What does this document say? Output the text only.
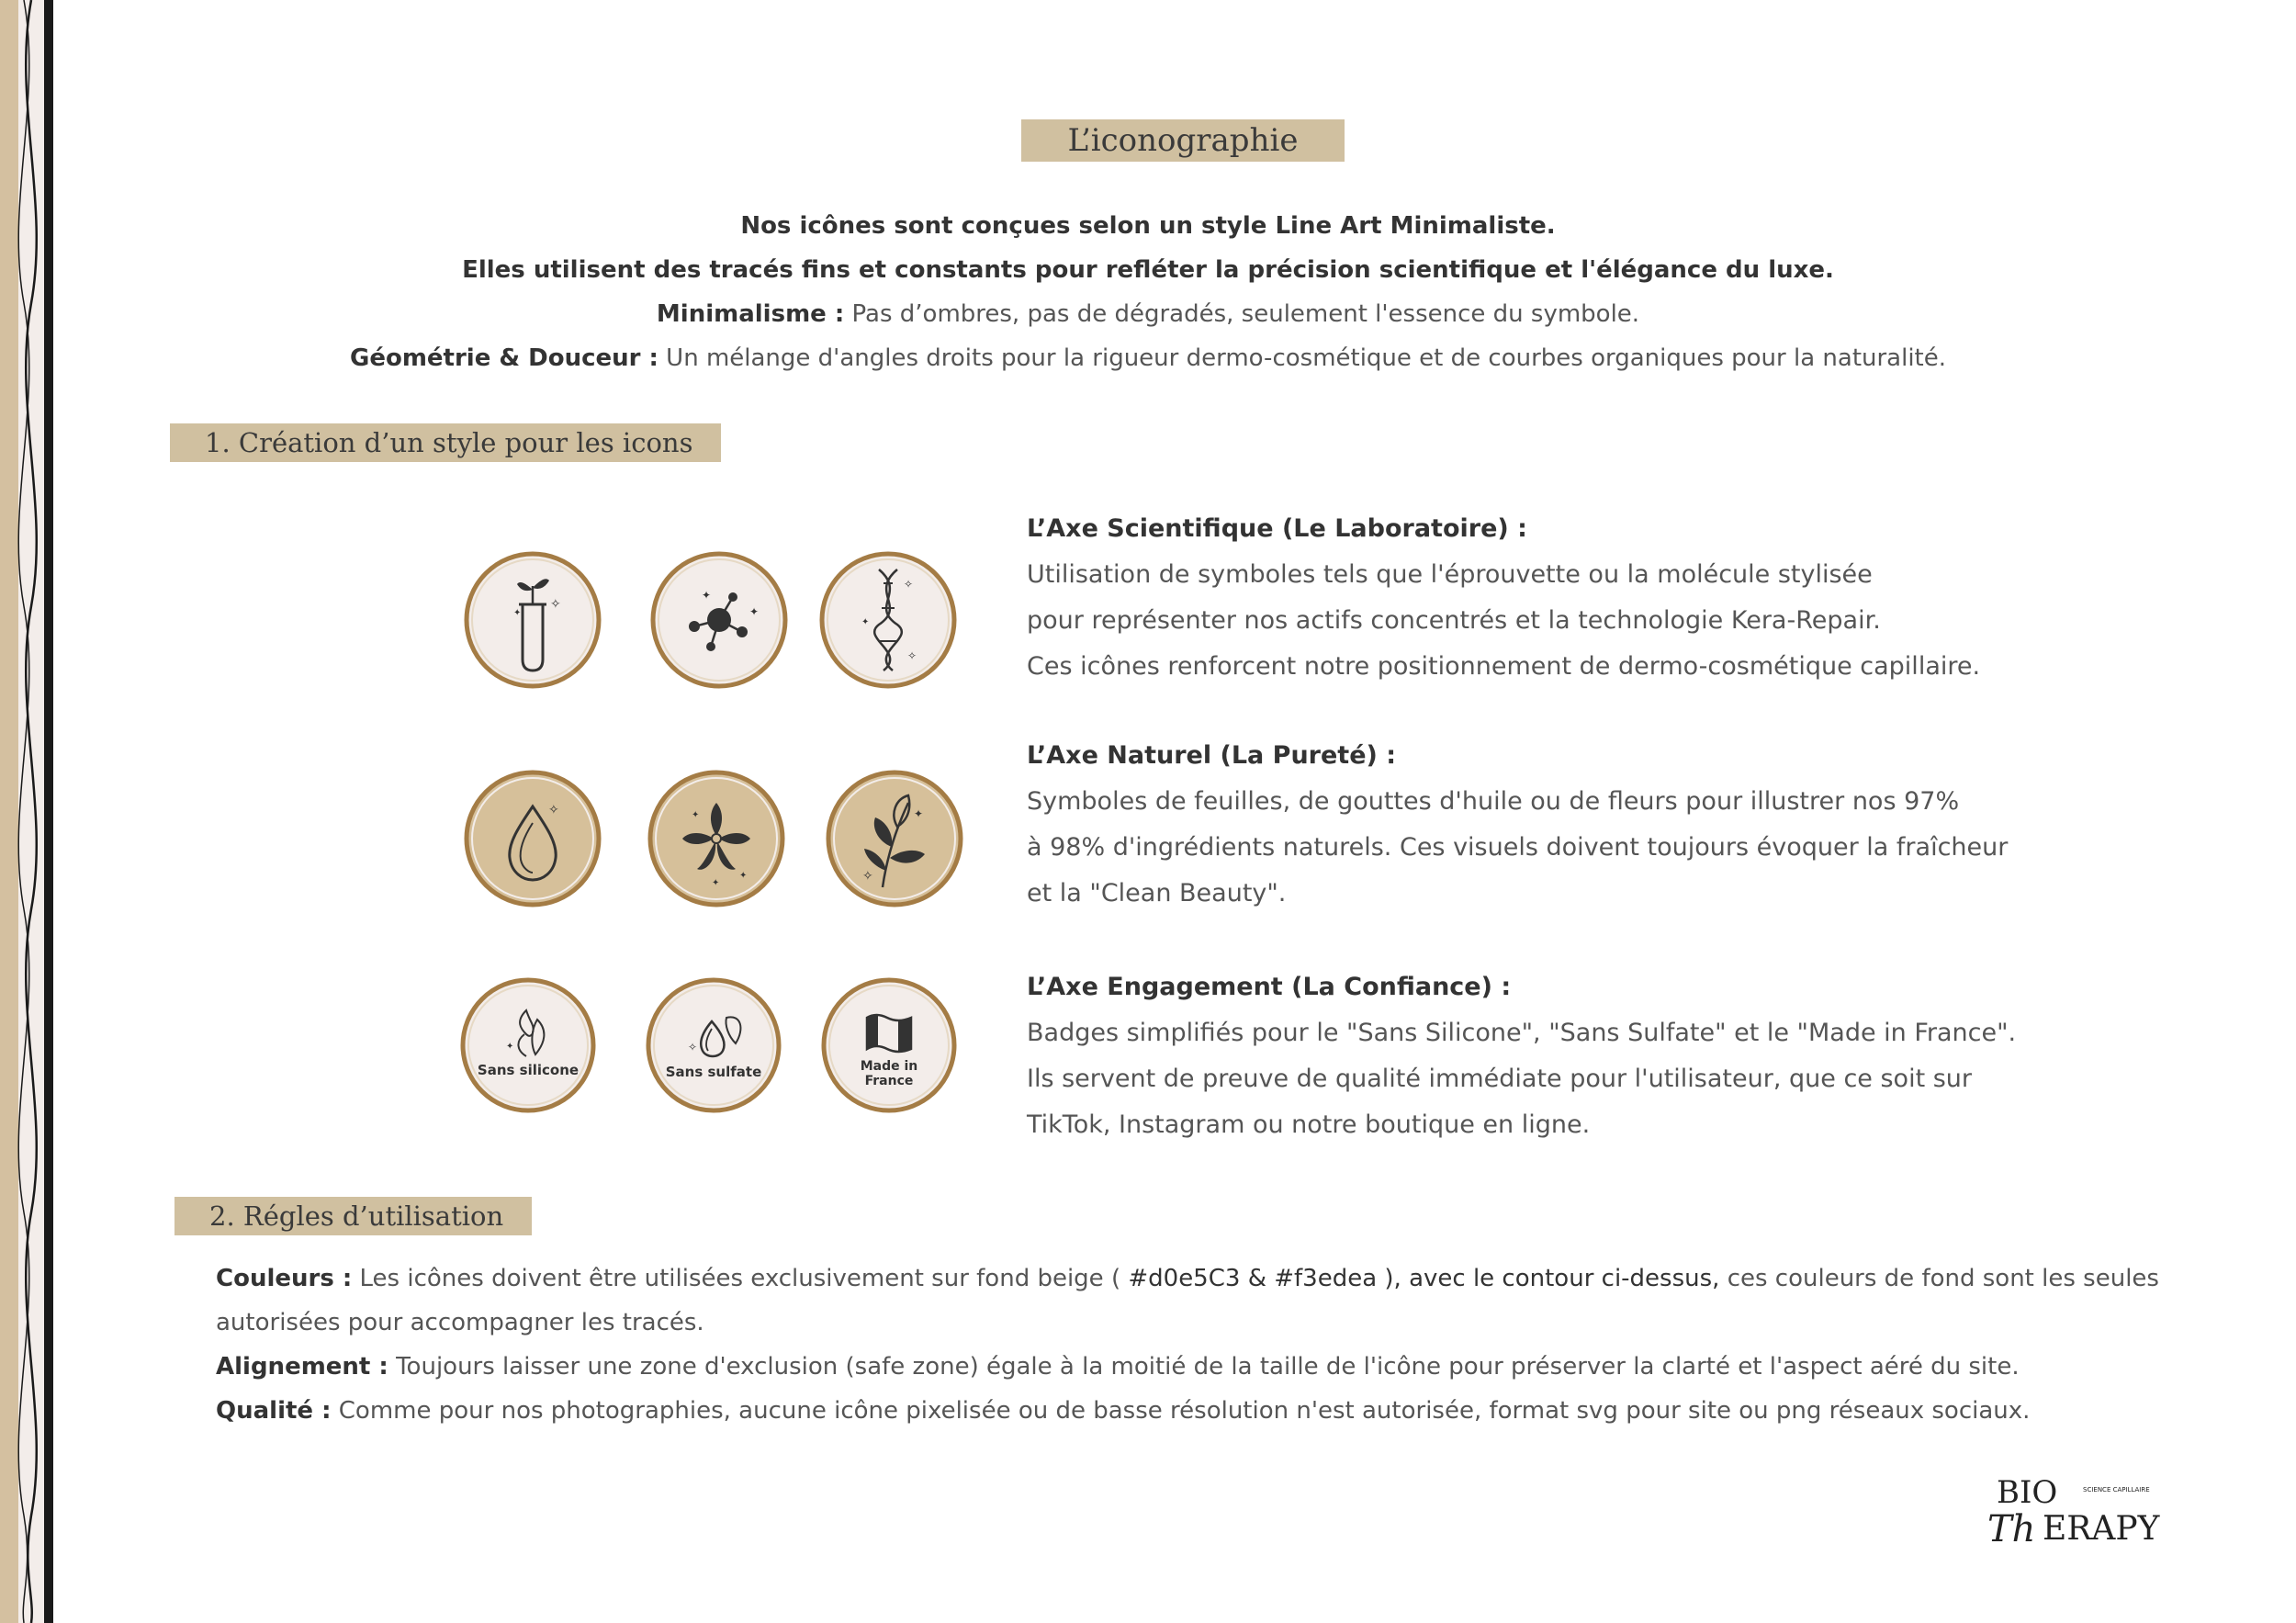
L’iconographie
Nos icônes sont conçues selon un style Line Art Minimaliste.
Elles utilisent des tracés fins et constants pour refléter la précision scientifique et l'élégance du luxe.
Minimalisme : Pas d’ombres, pas de dégradés, seulement l'essence du symbole.
Géométrie & Douceur : Un mélange d'angles droits pour la rigueur dermo-cosmétique et de courbes organiques pour la naturalité.
1. Création d’un style pour les icons
✧
✦
✦
✦
✧
✦
✧
✧	✦
✦
✦
✦
✧
✦
Sans silicone
✧
Sans sulfate	Made in
France
L’Axe Scientifique (Le Laboratoire) :
Utilisation de symboles tels que l'éprouvette ou la molécule stylisée
pour représenter nos actifs concentrés et la technologie Kera-Repair.
Ces icônes renforcent notre positionnement de dermo-cosmétique capillaire.
L’Axe Naturel (La Pureté) :
Symboles de feuilles, de gouttes d'huile ou de fleurs pour illustrer nos 97%
à 98% d'ingrédients naturels. Ces visuels doivent toujours évoquer la fraîcheur
et la "Clean Beauty".
L’Axe Engagement (La Confiance) :
Badges simplifiés pour le "Sans Silicone", "Sans Sulfate" et le "Made in France".
Ils servent de preuve de qualité immédiate pour l'utilisateur, que ce soit sur
TikTok, Instagram ou notre boutique en ligne.
2. Régles d’utilisation
Couleurs : Les icônes doivent être utilisées exclusivement sur fond beige ( #d0e5C3 & #f3edea ), avec le contour ci-dessus, ces couleurs de fond sont les seules
autorisées pour accompagner les tracés.
Alignement : Toujours laisser une zone d'exclusion (safe zone) égale à la moitié de la taille de l'icône pour préserver la clarté et l'aspect aéré du site.
Qualité : Comme pour nos photographies, aucune icône pixelisée ou de basse résolution n'est autorisée, format svg pour site ou png réseaux sociaux.
BIO
Th ERAPY
SCIENCE CAPILLAIRE
